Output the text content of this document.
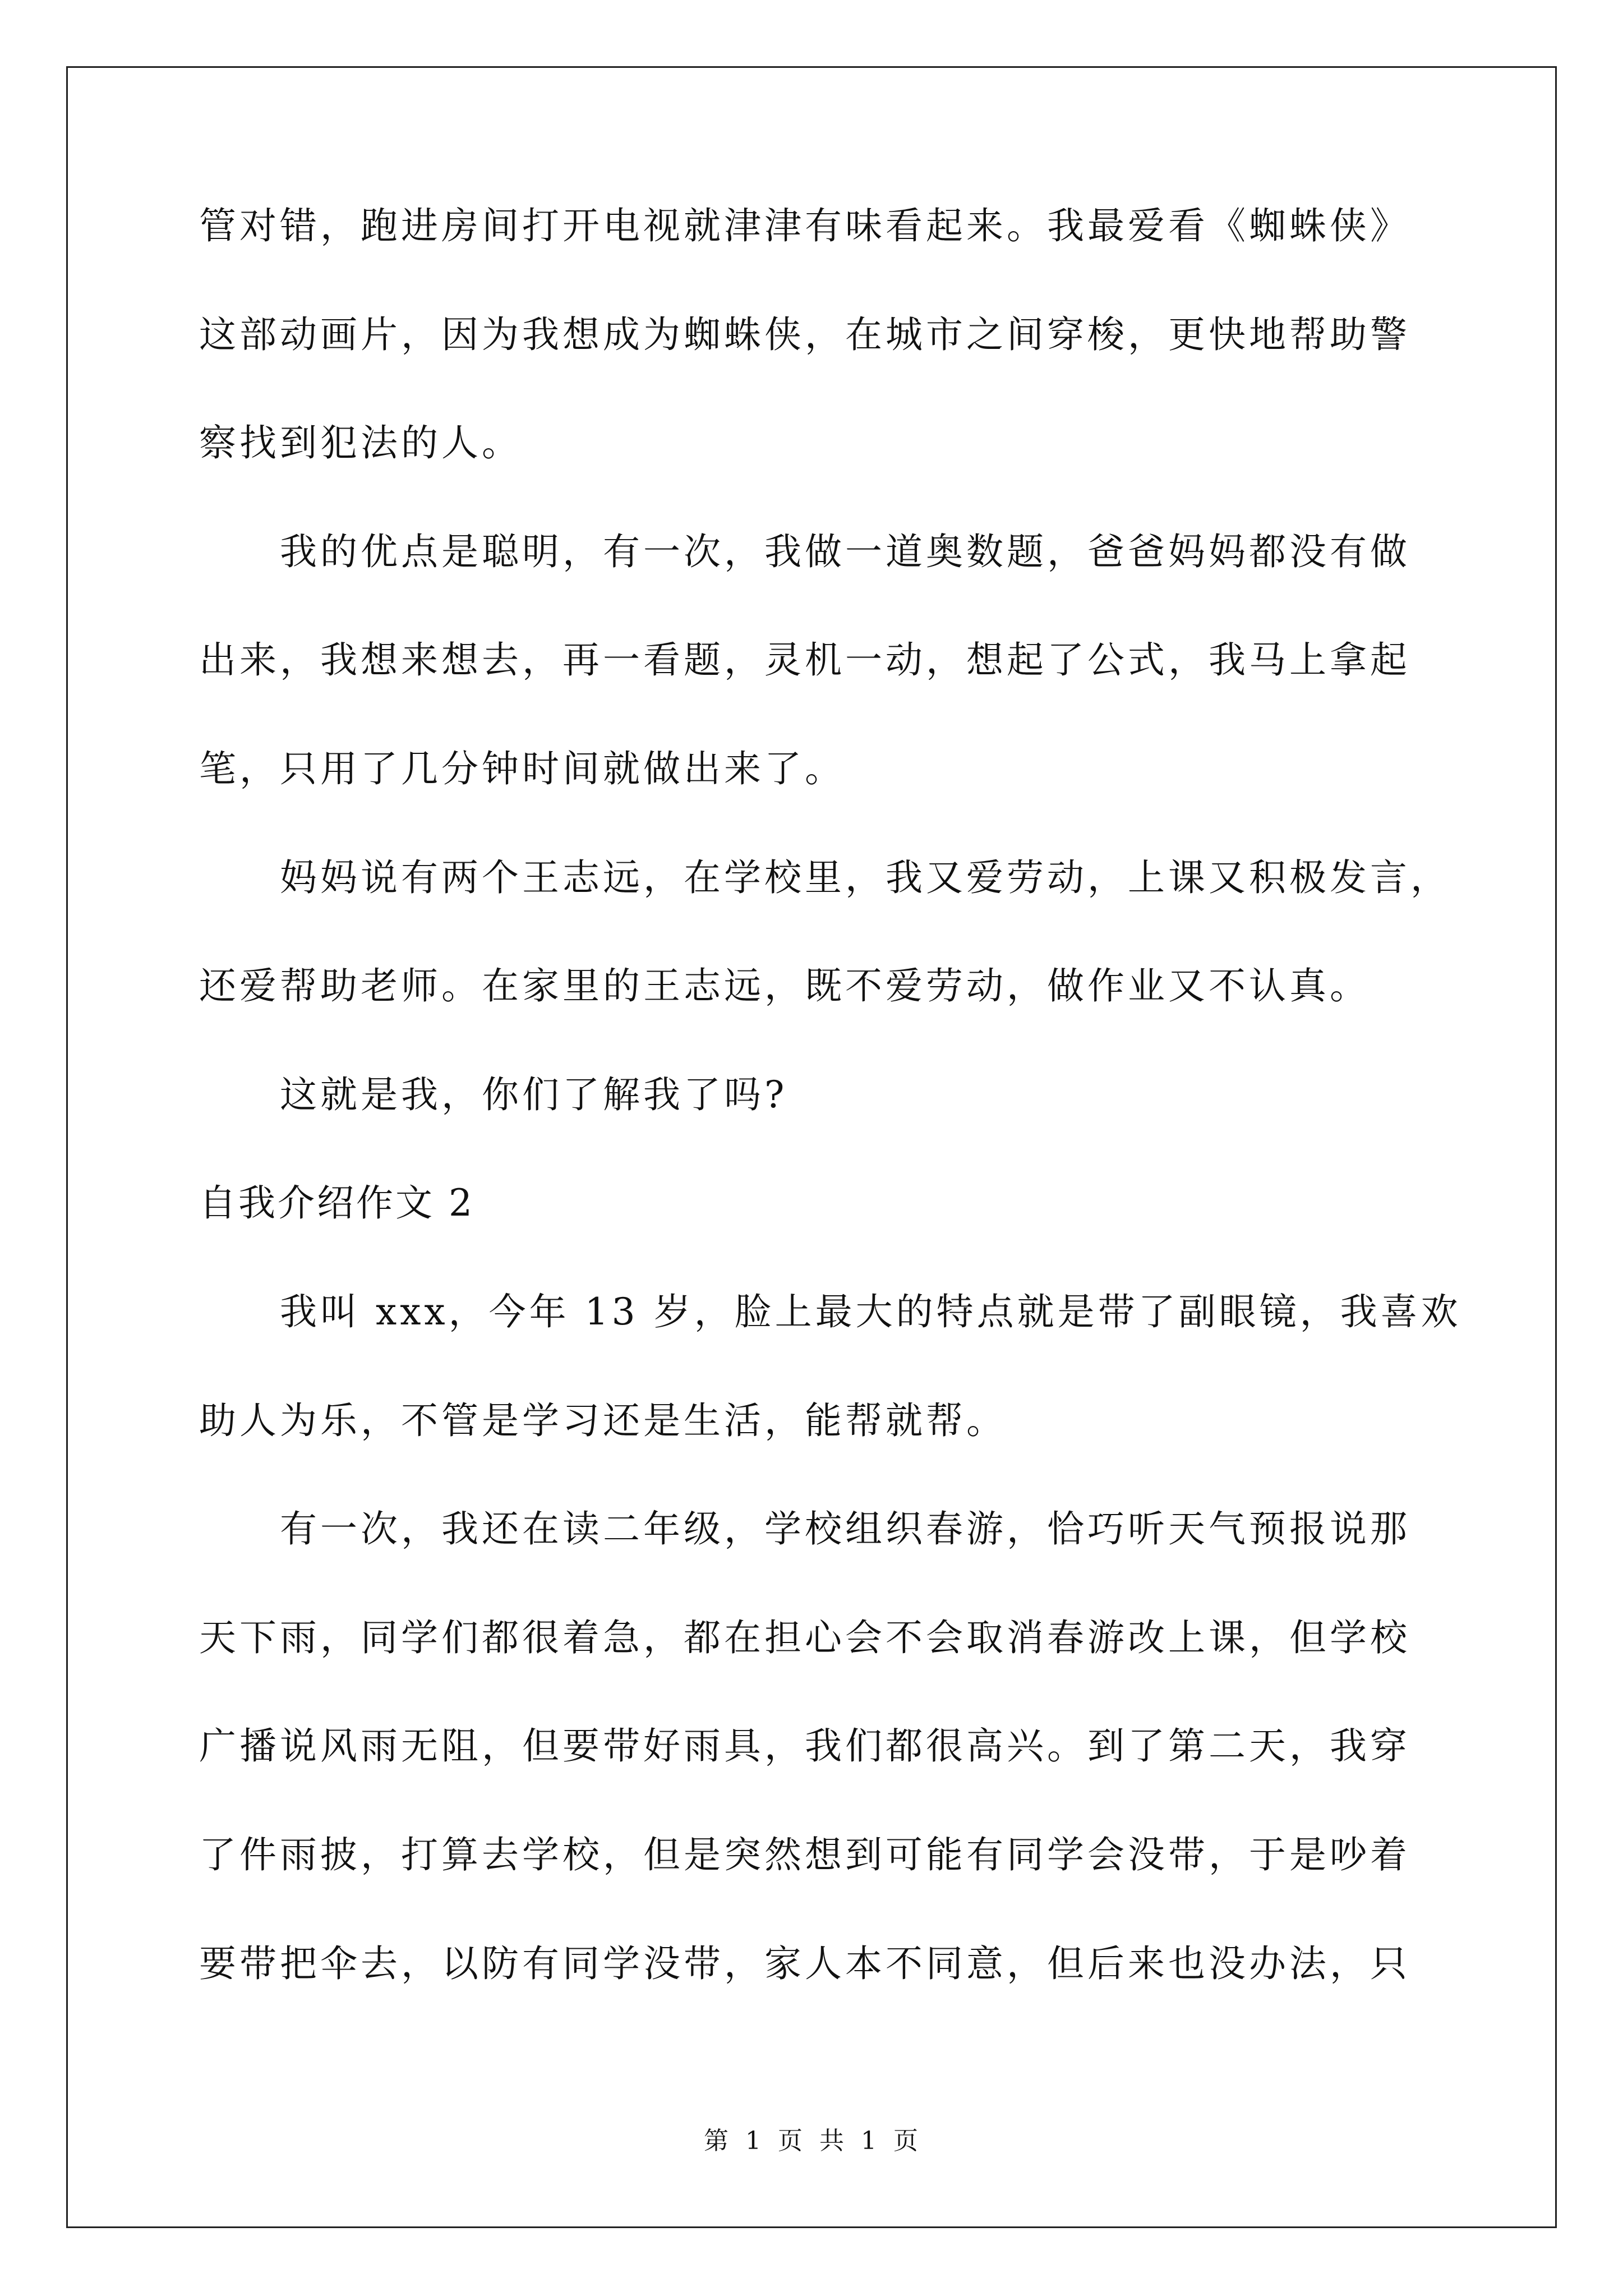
管对错，跑进房间打开电视就津津有味看起来。我最爱看《蜘蛛侠》
这部动画片，因为我想成为蜘蛛侠，在城市之间穿梭，更快地帮助警
察找到犯法的人。
我的优点是聪明，有一次，我做一道奥数题，爸爸妈妈都没有做
出来，我想来想去，再一看题，灵机一动，想起了公式，我马上拿起
笔，只用了几分钟时间就做出来了。
妈妈说有两个王志远，在学校里，我又爱劳动，上课又积极发言，
还爱帮助老师。在家里的王志远，既不爱劳动，做作业又不认真。
这就是我，你们了解我了吗?
自我介绍作文 2
我叫 xxx，今年 13 岁，脸上最大的特点就是带了副眼镜，我喜欢
助人为乐，不管是学习还是生活，能帮就帮。
有一次，我还在读二年级，学校组织春游，恰巧听天气预报说那
天下雨，同学们都很着急，都在担心会不会取消春游改上课，但学校
广播说风雨无阻，但要带好雨具，我们都很高兴。到了第二天，我穿
了件雨披，打算去学校，但是突然想到可能有同学会没带，于是吵着
要带把伞去，以防有同学没带，家人本不同意，但后来也没办法，只
第 1 页 共 1 页
